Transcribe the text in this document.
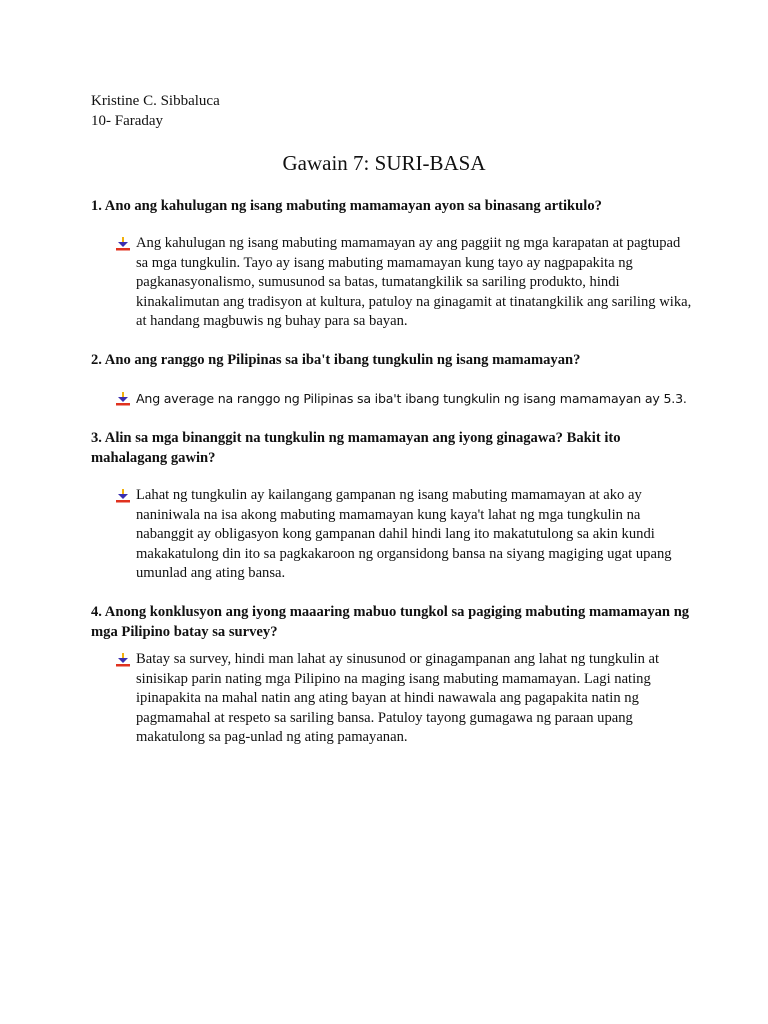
Kristine C. Sibbaluca
10- Faraday
Gawain 7: SURI-BASA
1. Ano ang kahulugan ng isang mabuting mamamayan ayon sa binasang artikulo?
Ang kahulugan ng isang mabuting mamamayan ay ang paggiit ng mga karapatan at pagtupad sa mga tungkulin. Tayo ay isang mabuting mamamayan kung tayo ay nagpapakita ng pagkanasyonalismo, sumusunod sa batas, tumatangkilik sa sariling produkto, hindi kinakalimutan ang tradisyon at kultura, patuloy na ginagamit at tinatangkilik ang sariling wika, at handang magbuwis ng buhay para sa bayan.
2. Ano ang ranggo ng Pilipinas sa iba't ibang tungkulin ng isang mamamayan?
Ang average na ranggo ng Pilipinas sa iba't ibang tungkulin ng isang mamamayan ay 5.3.
3. Alin sa mga binanggit na tungkulin ng mamamayan ang iyong ginagawa? Bakit ito mahalagang gawin?
Lahat ng tungkulin ay kailangang gampanan ng isang mabuting mamamayan at ako ay naniniwala na isa akong mabuting mamamayan kung kaya't lahat ng mga tungkulin na nabanggit ay obligasyon kong gampanan dahil hindi lang ito makatutulong sa akin kundi makakatulong din ito sa pagkakaroon ng organsidong bansa na siyang magiging ugat upang umunlad ang ating bansa.
4. Anong konklusyon ang iyong maaaring mabuo tungkol sa pagiging mabuting mamamayan ng mga Pilipino batay sa survey?
Batay sa survey, hindi man lahat ay sinusunod or ginagampanan ang lahat ng tungkulin at sinisikap parin nating mga Pilipino na maging isang mabuting mamamayan. Lagi nating ipinapakita na mahal natin ang ating bayan at hindi nawawala ang pagapakita natin ng pagmamahal at respeto sa sariling bansa. Patuloy tayong gumagawa ng paraan upang makatulong sa pag-unlad ng ating pamayanan.
